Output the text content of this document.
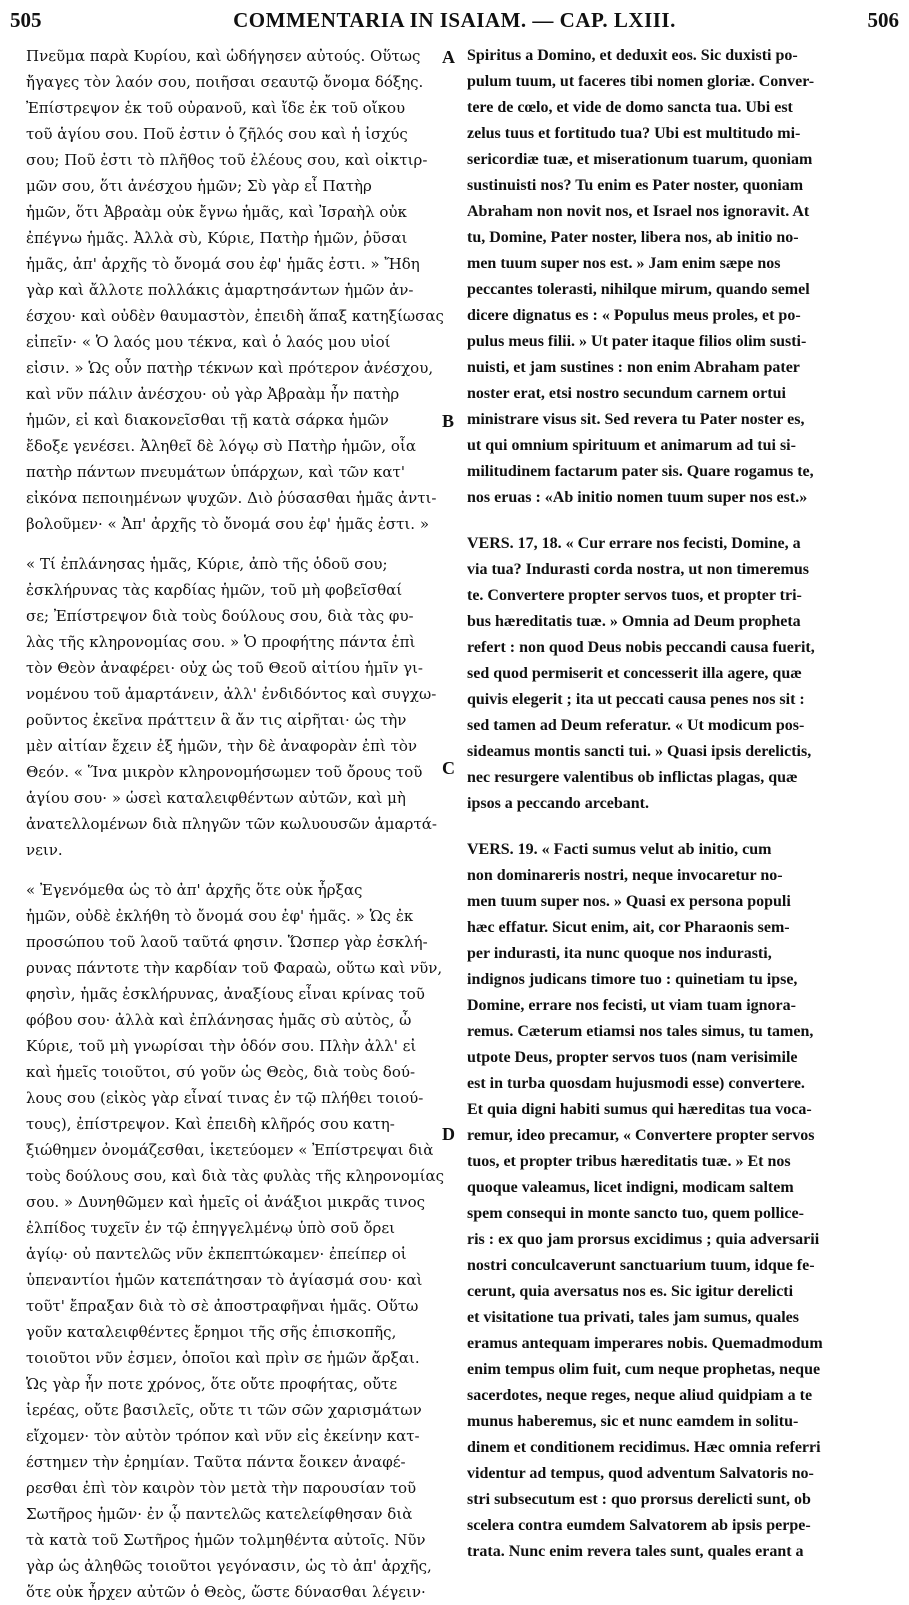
505	COMMENTARIA IN ISAIAM. — CAP. LXIII.	506
Πνεῦμα παρὰ Κυρίου, καὶ ὡδήγησεν αὐτούς. Οὕτως
ἤγαγες τὸν λαόν σου, ποιῆσαι σεαυτῷ ὄνομα δόξης.
Ἐπίστρεψον ἐκ τοῦ οὐρανοῦ, καὶ ἴδε ἐκ τοῦ οἴκου
τοῦ ἁγίου σου. Ποῦ ἐστιν ὁ ζῆλός σου καὶ ἡ ἰσχύς
σου; Ποῦ ἐστι τὸ πλῆθος τοῦ ἐλέους σου, καὶ οἰκτιρ-
μῶν σου, ὅτι ἀνέσχου ἡμῶν; Σὺ γὰρ εἶ Πατὴρ
ἡμῶν, ὅτι Ἀβραὰμ οὐκ ἔγνω ἡμᾶς, καὶ Ἰσραὴλ οὐκ
ἐπέγνω ἡμᾶς. Ἀλλὰ σὺ, Κύριε, Πατὴρ ἡμῶν, ῥῦσαι
ἡμᾶς, ἀπ' ἀρχῆς τὸ ὄνομά σου ἐφ' ἡμᾶς ἐστι. » Ἤδη
γὰρ καὶ ἄλλοτε πολλάκις ἁμαρτησάντων ἡμῶν ἀν-
έσχου· καὶ οὐδὲν θαυμαστὸν, ἐπειδὴ ἅπαξ κατηξίωσας
εἰπεῖν· « Ὁ λαός μου τέκνα, καὶ ὁ λαός μου υἱοί
εἰσιν. » Ὡς οὖν πατὴρ τέκνων καὶ πρότερον ἀνέσχου,
καὶ νῦν πάλιν ἀνέσχου· οὐ γὰρ Ἀβραὰμ ἦν πατὴρ
ἡμῶν, εἰ καὶ διακονεῖσθαι τῇ κατὰ σάρκα ἡμῶν
ἔδοξε γενέσει. Ἀληθεῖ δὲ λόγῳ σὺ Πατὴρ ἡμῶν, οἷα
πατὴρ πάντων πνευμάτων ὑπάρχων, καὶ τῶν κατ'
εἰκόνα πεποιημένων ψυχῶν. Διὸ ῥύσασθαι ἡμᾶς ἀντι-
βολοῦμεν· « Ἀπ' ἀρχῆς τὸ ὄνομά σου ἐφ' ἡμᾶς ἐστι. »
« Τί ἐπλάνησας ἡμᾶς, Κύριε, ἀπὸ τῆς ὁδοῦ σου;
ἐσκλήρυνας τὰς καρδίας ἡμῶν, τοῦ μὴ φοβεῖσθαί
σε; Ἐπίστρεψον διὰ τοὺς δούλους σου, διὰ τὰς φυ-
λὰς τῆς κληρονομίας σου. » Ὁ προφήτης πάντα ἐπὶ
τὸν Θεὸν ἀναφέρει· οὐχ ὡς τοῦ Θεοῦ αἰτίου ἡμῖν γι-
νομένου τοῦ ἁμαρτάνειν, ἀλλ' ἐνδιδόντος καὶ συγχω-
ροῦντος ἐκεῖνα πράττειν ἃ ἄν τις αἱρῆται· ὡς τὴν
μὲν αἰτίαν ἔχειν ἐξ ἡμῶν, τὴν δὲ ἀναφορὰν ἐπὶ τὸν
Θεόν. « Ἵνα μικρὸν κληρονομήσωμεν τοῦ ὄρους τοῦ
ἁγίου σου· » ὡσεὶ καταλειφθέντων αὐτῶν, καὶ μὴ
ἀνατελλομένων διὰ πληγῶν τῶν κωλυουσῶν ἁμαρτά-
νειν.
« Ἐγενόμεθα ὡς τὸ ἀπ' ἀρχῆς ὅτε οὐκ ἦρξας
ἡμῶν, οὐδὲ ἐκλήθη τὸ ὄνομά σου ἐφ' ἡμᾶς. » Ὡς ἐκ
προσώπου τοῦ λαοῦ ταῦτά φησιν. Ὥσπερ γὰρ ἐσκλή-
ρυνας πάντοτε τὴν καρδίαν τοῦ Φαραὼ, οὕτω καὶ νῦν,
φησὶν, ἡμᾶς ἐσκλήρυνας, ἀναξίους εἶναι κρίνας τοῦ
φόβου σου· ἀλλὰ καὶ ἐπλάνησας ἡμᾶς σὺ αὐτὸς, ὦ
Κύριε, τοῦ μὴ γνωρίσαι τὴν ὁδόν σου. Πλὴν ἀλλ' εἰ
καὶ ἡμεῖς τοιοῦτοι, σύ γοῦν ὡς Θεὸς, διὰ τοὺς δού-
λους σου (εἰκὸς γὰρ εἶναί τινας ἐν τῷ πλήθει τοιού-
τους), ἐπίστρεψον. Καὶ ἐπειδὴ κλῆρός σου κατη-
ξιώθημεν ὀνομάζεσθαι, ἱκετεύομεν « Ἐπίστρεψαι διὰ
τοὺς δούλους σου, καὶ διὰ τὰς φυλὰς τῆς κληρονομίας
σου. » Δυνηθῶμεν καὶ ἡμεῖς οἱ ἀνάξιοι μικρᾶς τινος
ἐλπίδος τυχεῖν ἐν τῷ ἐπηγγελμένῳ ὑπὸ σοῦ ὄρει
ἁγίῳ· οὐ παντελῶς νῦν ἐκπεπτώκαμεν· ἐπείπερ οἱ
ὑπεναντίοι ἡμῶν κατεπάτησαν τὸ ἁγίασμά σου· καὶ
τοῦτ' ἔπραξαν διὰ τὸ σὲ ἀποστραφῆναι ἡμᾶς. Οὕτω
γοῦν καταλειφθέντες ἔρημοι τῆς σῆς ἐπισκοπῆς,
τοιοῦτοι νῦν ἐσμεν, ὁποῖοι καὶ πρὶν σε ἡμῶν ἄρξαι.
Ὡς γὰρ ἦν ποτε χρόνος, ὅτε οὔτε προφήτας, οὔτε
ἱερέας, οὔτε βασιλεῖς, οὔτε τι τῶν σῶν χαρισμάτων
εἴχομεν· τὸν αὐτὸν τρόπον καὶ νῦν εἰς ἐκείνην κατ-
έστημεν τὴν ἐρημίαν. Ταῦτα πάντα ἔοικεν ἀναφέ-
ρεσθαι ἐπὶ τὸν καιρὸν τὸν μετὰ τὴν παρουσίαν τοῦ
Σωτῆρος ἡμῶν· ἐν ᾧ παντελῶς κατελείφθησαν διὰ
τὰ κατὰ τοῦ Σωτῆρος ἡμῶν τολμηθέντα αὐτοῖς. Νῦν
γὰρ ὡς ἀληθῶς τοιοῦτοι γεγόνασιν, ὡς τὸ ἀπ' ἀρχῆς,
ὅτε οὐκ ἦρχεν αὐτῶν ὁ Θεὸς, ὥστε δύνασθαι λέγειν·
Spiritus a Domino, et deduxit eos. Sic duxisti po-
pulum tuum, ut faceres tibi nomen gloriæ. Conver-
tere de cœlo, et vide de domo sancta tua. Ubi est
zelus tuus et fortitudo tua? Ubi est multitudo mi-
sericordiæ tuæ, et miserationum tuarum, quoniam
sustinuisti nos? Tu enim es Pater noster, quoniam
Abraham non novit nos, et Israel nos ignoravit. At
tu, Domine, Pater noster, libera nos, ab initio no-
men tuum super nos est. » Jam enim sæpe nos
peccantes tolerasti, nihilque mirum, quando semel
dicere dignatus es : « Populus meus proles, et po-
pulus meus filii. » Ut pater itaque filios olim susti-
nuisti, et jam sustines : non enim Abraham pater
noster erat, etsi nostro secundum carnem ortui
ministrare visus sit. Sed revera tu Pater noster es,
ut qui omnium spirituum et animarum ad tui si-
militudinem factarum pater sis. Quare rogamus te,
nos eruas : «Ab initio nomen tuum super nos est.»
VERS. 17, 18. « Cur errare nos fecisti, Domine, a
via tua? Indurasti corda nostra, ut non timeremus
te. Convertere propter servos tuos, et propter tri-
bus hæreditatis tuæ. » Omnia ad Deum propheta
refert : non quod Deus nobis peccandi causa fuerit,
sed quod permiserit et concesserit illa agere, quæ
quivis elegerit ; ita ut peccati causa penes nos sit :
sed tamen ad Deum referatur. « Ut modicum pos-
sideamus montis sancti tui. » Quasi ipsis derelictis,
nec resurgere valentibus ob inflictas plagas, quæ
ipsos a peccando arcebant.
VERS. 19. « Facti sumus velut ab initio, cum
non dominareris nostri, neque invocaretur no-
men tuum super nos. » Quasi ex persona populi
hæc effatur. Sicut enim, ait, cor Pharaonis sem-
per indurasti, ita nunc quoque nos indurasti,
indignos judicans timore tuo : quinetiam tu ipse,
Domine, errare nos fecisti, ut viam tuam ignora-
remus. Cæterum etiamsi nos tales simus, tu tamen,
utpote Deus, propter servos tuos (nam verisimile
est in turba quosdam hujusmodi esse) convertere.
Et quia digni habiti sumus qui hæreditas tua voca-
remur, ideo precamur, « Convertere propter servos
tuos, et propter tribus hæreditatis tuæ. » Et nos
quoque valeamus, licet indigni, modicam saltem
spem consequi in monte sancto tuo, quem pollice-
ris : ex quo jam prorsus excidimus ; quia adversarii
nostri conculcaverunt sanctuarium tuum, idque fe-
cerunt, quia aversatus nos es. Sic igitur derelicti
et visitatione tua privati, tales jam sumus, quales
eramus antequam imperares nobis. Quemadmodum
enim tempus olim fuit, cum neque prophetas, neque
sacerdotes, neque reges, neque aliud quidpiam a te
munus haberemus, sic et nunc eamdem in solitu-
dinem et conditionem recidimus. Hæc omnia referri
videntur ad tempus, quod adventum Salvatoris no-
stri subsecutum est : quo prorsus derelicti sunt, ob
scelera contra eumdem Salvatorem ab ipsis perpe-
trata. Nunc enim revera tales sunt, quales erant a
A
B
C
D
